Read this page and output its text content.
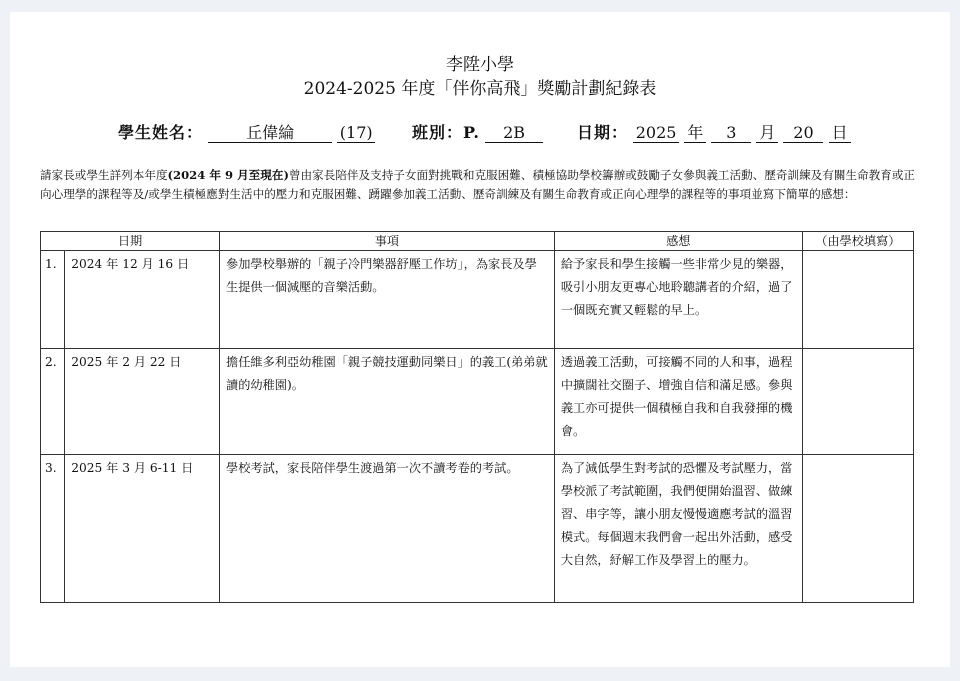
李陞小學
2024-2025 年度「伴你高飛」獎勵計劃紀錄表
學生姓名：	丘偉綸	(17) 班別：P. 2B	日期： 2025 年 3 月 20 日
請家長或學生詳列本年度(2024 年 9 月至現在)曾由家長陪伴及支持子女面對挑戰和克服困難、積極協助學校籌辦或鼓勵子女參與義工活動、歷奇訓練及有關生命教育或正向心理學的課程等及/或學生積極應對生活中的壓力和克服困難、踴躍參加義工活動、歷奇訓練及有關生命教育或正向心理學的課程等的事項並寫下簡單的感想：
日期		事項	感想	（由學校填寫）
1.	2024 年 12 月 16 日	參加學校舉辦的「親子冷門樂器舒壓工作坊」，為家長及學生提供一個減壓的音樂活動。	給予家長和學生接觸一些非常少見的樂器，吸引小朋友更專心地聆聽講者的介紹，過了一個既充實又輕鬆的早上。	
2.	2025 年 2 月 22 日	擔任維多利亞幼稚園「親子競技運動同樂日」的義工(弟弟就讀的幼稚園)。	透過義工活動，可接觸不同的人和事，過程中擴闊社交圈子、增強自信和滿足感。參與義工亦可提供一個積極自我和自我發揮的機會。	
3.	2025 年 3 月 6-11 日	學校考試，家長陪伴學生渡過第一次不讀考卷的考試。	為了減低學生對考試的恐懼及考試壓力，當學校派了考試範圍，我們便開始溫習、做練習、串字等，讓小朋友慢慢適應考試的溫習模式。每個週末我們會一起出外活動，感受大自然，紓解工作及學習上的壓力。	
